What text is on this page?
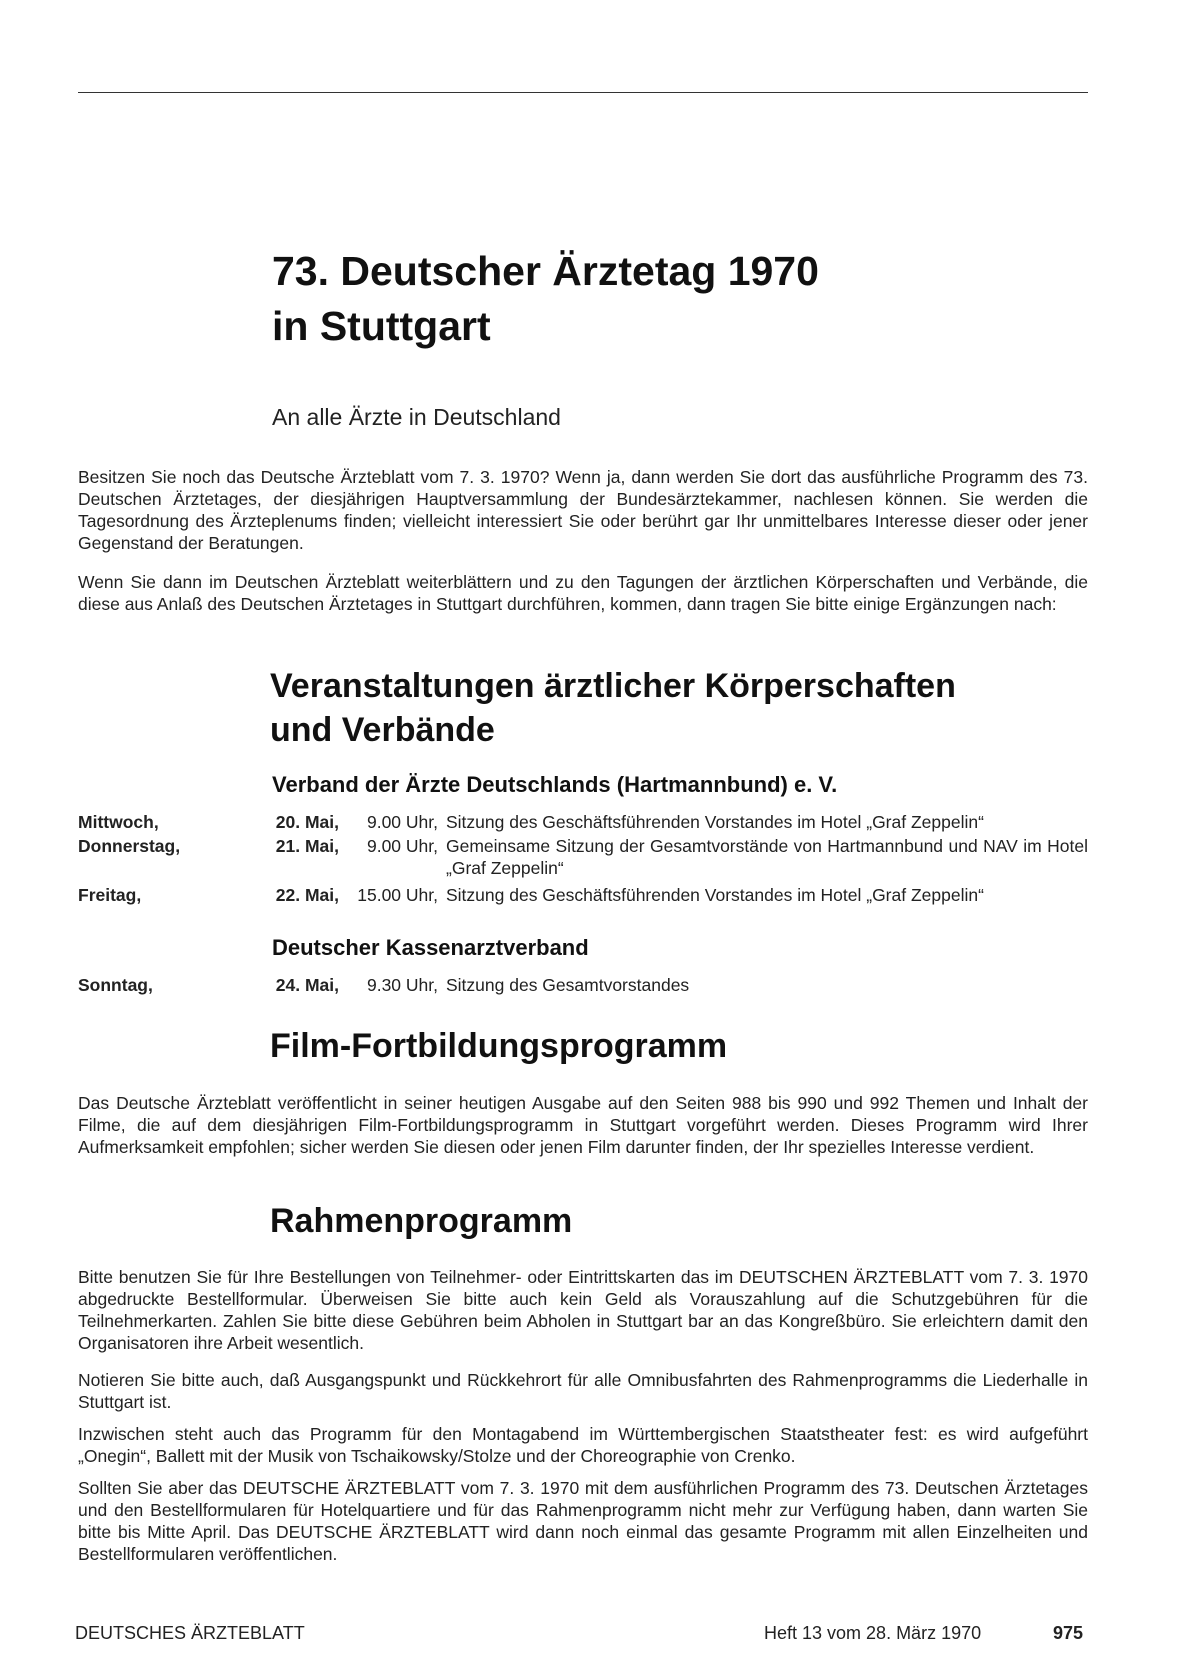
73. Deutscher Ärztetag 1970
in Stuttgart

An alle Ärzte in Deutschland

Besitzen Sie noch das Deutsche Ärzteblatt vom 7. 3. 1970? Wenn ja, dann werden Sie dort das ausführliche Programm des 73. Deutschen Ärztetages, der diesjährigen Hauptversammlung der Bundesärztekammer, nachlesen können. Sie werden die Tagesordnung des Ärzteplenums finden; vielleicht interessiert Sie oder berührt gar Ihr unmittelbares Interesse dieser oder jener Gegenstand der Beratungen.

Wenn Sie dann im Deutschen Ärzteblatt weiterblättern und zu den Tagungen der ärztlichen Körperschaften und Verbände, die diese aus Anlaß des Deutschen Ärztetages in Stuttgart durchführen, kommen, dann tragen Sie bitte einige Ergänzungen nach:

Veranstaltungen ärztlicher Körperschaften
und Verbände
Verband der Ärzte Deutschlands (Hartmannbund) e. V.
Mittwoch,	20. Mai,	9.00 Uhr, Sitzung des Geschäftsführenden Vorstandes im Hotel „Graf Zeppelin“
Donnerstag,	21. Mai,	9.00 Uhr, Gemeinsame Sitzung der Gesamtvorstände von Hartmannbund und NAV im Hotel „Graf Zeppelin“
Freitag,	22. Mai,	15.00 Uhr, Sitzung des Geschäftsführenden Vorstandes im Hotel „Graf Zeppelin“
Deutscher Kassenarztverband
Sonntag,	24. Mai,	9.30 Uhr, Sitzung des Gesamtvorstandes
Film-Fortbildungsprogramm

Das Deutsche Ärzteblatt veröffentlicht in seiner heutigen Ausgabe auf den Seiten 988 bis 990 und 992 Themen und Inhalt der Filme, die auf dem diesjährigen Film-Fortbildungsprogramm in Stuttgart vorgeführt werden. Dieses Programm wird Ihrer Aufmerksamkeit empfohlen; sicher werden Sie diesen oder jenen Film darunter finden, der Ihr spezielles Interesse verdient.

Rahmenprogramm

Bitte benutzen Sie für Ihre Bestellungen von Teilnehmer- oder Eintrittskarten das im DEUTSCHEN ÄRZTEBLATT vom 7. 3. 1970 abgedruckte Bestellformular. Überweisen Sie bitte auch kein Geld als Vorauszahlung auf die Schutzgebühren für die Teilnehmerkarten. Zahlen Sie bitte diese Gebühren beim Abholen in Stuttgart bar an das Kongreßbüro. Sie erleichtern damit den Organisatoren ihre Arbeit wesentlich.

Notieren Sie bitte auch, daß Ausgangspunkt und Rückkehrort für alle Omnibusfahrten des Rahmenprogramms die Liederhalle in Stuttgart ist.

Inzwischen steht auch das Programm für den Montagabend im Württembergischen Staatstheater fest: es wird aufgeführt „Onegin“, Ballett mit der Musik von Tschaikowsky/Stolze und der Choreographie von Crenko.

Sollten Sie aber das DEUTSCHE ÄRZTEBLATT vom 7. 3. 1970 mit dem ausführlichen Programm des 73. Deutschen Ärztetages und den Bestellformularen für Hotelquartiere und für das Rahmenprogramm nicht mehr zur Verfügung haben, dann warten Sie bitte bis Mitte April. Das DEUTSCHE ÄRZTEBLATT wird dann noch einmal das gesamte Programm mit allen Einzelheiten und Bestellformularen veröffentlichen.

DEUTSCHES ÄRZTEBLATT	Heft 13 vom 28. März 1970	975
